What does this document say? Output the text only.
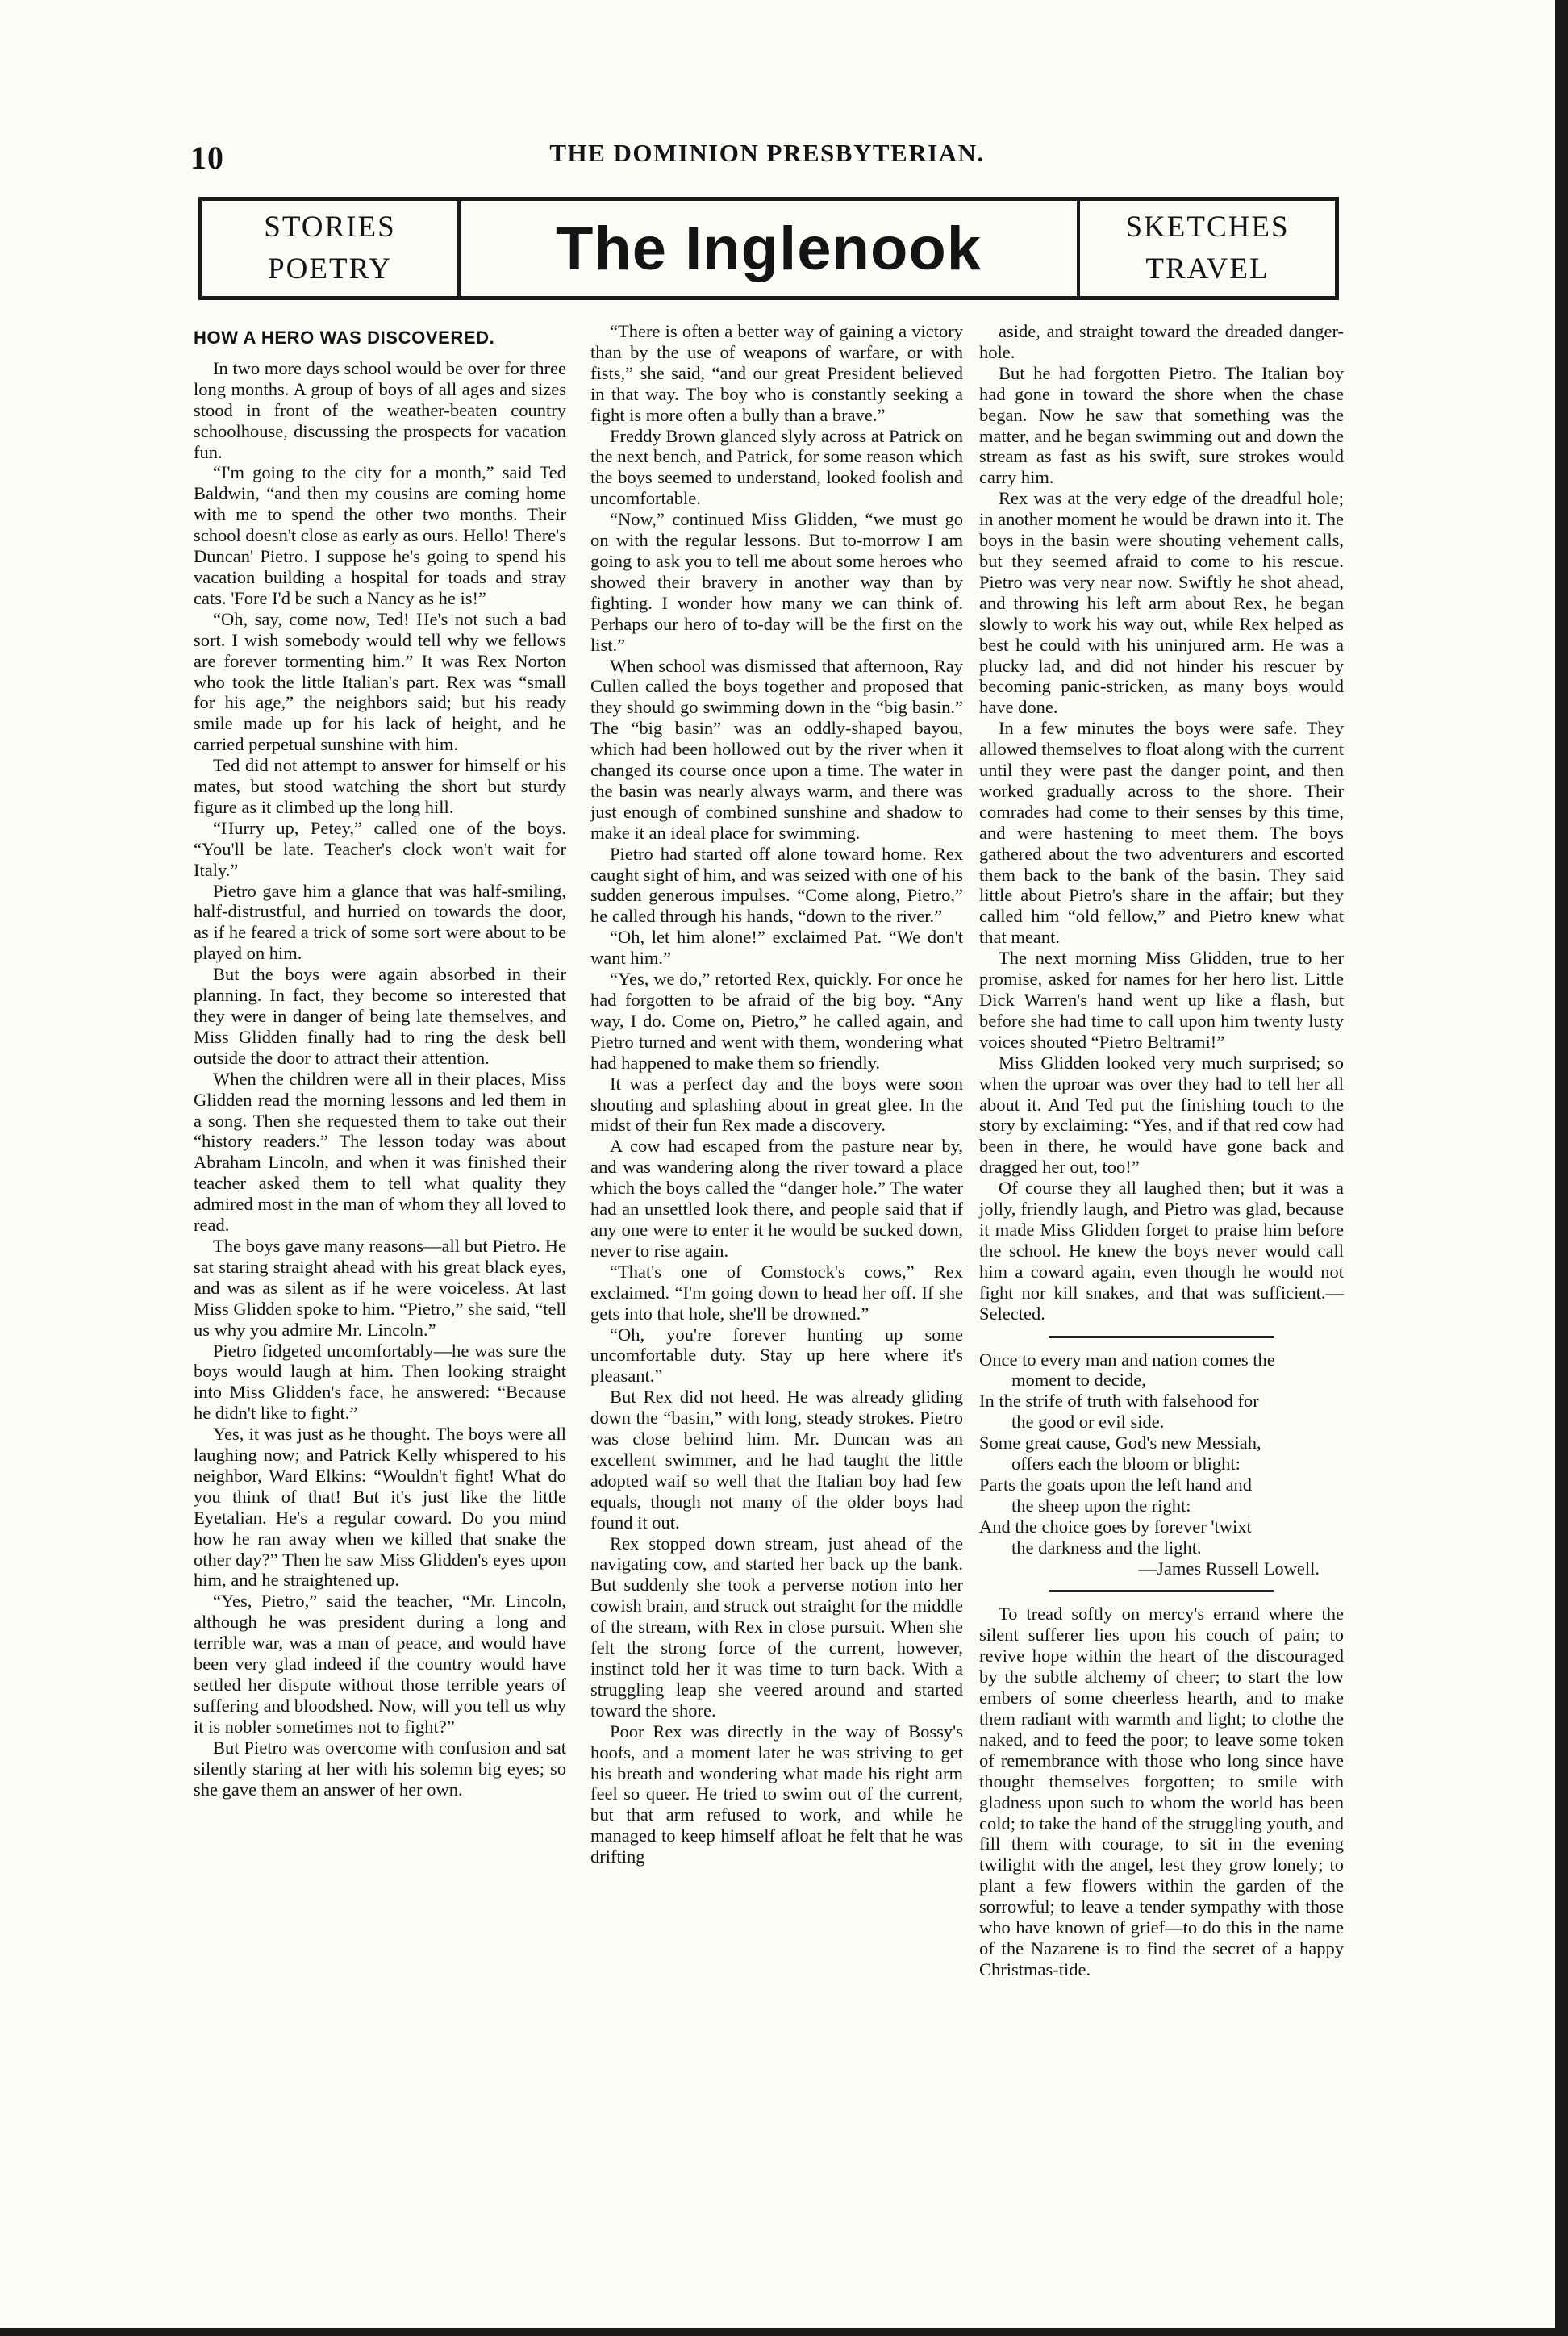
10	THE DOMINION PRESBYTERIAN.
STORIES
POETRY	The Inglenook	SKETCHES
TRAVEL
HOW A HERO WAS DISCOVERED.

In two more days school would be over for three long months. A group of boys of all ages and sizes stood in front of the weather-beaten country schoolhouse, discussing the prospects for vacation fun.

“I'm going to the city for a month,” said Ted Baldwin, “and then my cousins are coming home with me to spend the other two months. Their school doesn't close as early as ours. Hello! There's Duncan' Pietro. I suppose he's going to spend his vacation building a hospital for toads and stray cats. 'Fore I'd be such a Nancy as he is!”

“Oh, say, come now, Ted! He's not such a bad sort. I wish somebody would tell why we fellows are forever tormenting him.” It was Rex Norton who took the little Italian's part. Rex was “small for his age,” the neighbors said; but his ready smile made up for his lack of height, and he carried perpetual sunshine with him.

Ted did not attempt to answer for himself or his mates, but stood watching the short but sturdy figure as it climbed up the long hill.

“Hurry up, Petey,” called one of the boys. “You'll be late. Teacher's clock won't wait for Italy.”

Pietro gave him a glance that was half-smiling, half-distrustful, and hurried on towards the door, as if he feared a trick of some sort were about to be played on him.

But the boys were again absorbed in their planning. In fact, they become so interested that they were in danger of being late themselves, and Miss Glidden finally had to ring the desk bell outside the door to attract their attention.

When the children were all in their places, Miss Glidden read the morning lessons and led them in a song. Then she requested them to take out their “history readers.” The lesson today was about Abraham Lincoln, and when it was finished their teacher asked them to tell what quality they admired most in the man of whom they all loved to read.

The boys gave many reasons—all but Pietro. He sat staring straight ahead with his great black eyes, and was as silent as if he were voiceless. At last Miss Glidden spoke to him. “Pietro,” she said, “tell us why you admire Mr. Lincoln.”

Pietro fidgeted uncomfortably—he was sure the boys would laugh at him. Then looking straight into Miss Glidden's face, he answered: “Because he didn't like to fight.”

Yes, it was just as he thought. The boys were all laughing now; and Patrick Kelly whispered to his neighbor, Ward Elkins: “Wouldn't fight! What do you think of that! But it's just like the little Eyetalian. He's a regular coward. Do you mind how he ran away when we killed that snake the other day?” Then he saw Miss Glidden's eyes upon him, and he straightened up.

“Yes, Pietro,” said the teacher, “Mr. Lincoln, although he was president during a long and terrible war, was a man of peace, and would have been very glad indeed if the country would have settled her dispute without those terrible years of suffering and bloodshed. Now, will you tell us why it is nobler sometimes not to fight?”

But Pietro was overcome with confusion and sat silently staring at her with his solemn big eyes; so she gave them an answer of her own.

“There is often a better way of gaining a victory than by the use of weapons of warfare, or with fists,” she said, “and our great President believed in that way. The boy who is constantly seeking a fight is more often a bully than a brave.”

Freddy Brown glanced slyly across at Patrick on the next bench, and Patrick, for some reason which the boys seemed to understand, looked foolish and uncomfortable.

“Now,” continued Miss Glidden, “we must go on with the regular lessons. But to-morrow I am going to ask you to tell me about some heroes who showed their bravery in another way than by fighting. I wonder how many we can think of. Perhaps our hero of to-day will be the first on the list.”

When school was dismissed that afternoon, Ray Cullen called the boys together and proposed that they should go swimming down in the “big basin.” The “big basin” was an oddly-shaped bayou, which had been hollowed out by the river when it changed its course once upon a time. The water in the basin was nearly always warm, and there was just enough of combined sunshine and shadow to make it an ideal place for swimming.

Pietro had started off alone toward home. Rex caught sight of him, and was seized with one of his sudden generous impulses. “Come along, Pietro,” he called through his hands, “down to the river.”

“Oh, let him alone!” exclaimed Pat. “We don't want him.”

“Yes, we do,” retorted Rex, quickly. For once he had forgotten to be afraid of the big boy. “Any way, I do. Come on, Pietro,” he called again, and Pietro turned and went with them, wondering what had happened to make them so friendly.

It was a perfect day and the boys were soon shouting and splashing about in great glee. In the midst of their fun Rex made a discovery.

A cow had escaped from the pasture near by, and was wandering along the river toward a place which the boys called the “danger hole.” The water had an unsettled look there, and people said that if any one were to enter it he would be sucked down, never to rise again.

“That's one of Comstock's cows,” Rex exclaimed. “I'm going down to head her off. If she gets into that hole, she'll be drowned.”

“Oh, you're forever hunting up some uncomfortable duty. Stay up here where it's pleasant.”

But Rex did not heed. He was already gliding down the “basin,” with long, steady strokes. Pietro was close behind him. Mr. Duncan was an excellent swimmer, and he had taught the little adopted waif so well that the Italian boy had few equals, though not many of the older boys had found it out.

Rex stopped down stream, just ahead of the navigating cow, and started her back up the bank. But suddenly she took a perverse notion into her cowish brain, and struck out straight for the middle of the stream, with Rex in close pursuit. When she felt the strong force of the current, however, instinct told her it was time to turn back. With a struggling leap she veered around and started toward the shore.

Poor Rex was directly in the way of Bossy's hoofs, and a moment later he was striving to get his breath and wondering what made his right arm feel so queer. He tried to swim out of the current, but that arm refused to work, and while he managed to keep himself afloat he felt that he was drifting

aside, and straight toward the dreaded danger-hole.

But he had forgotten Pietro. The Italian boy had gone in toward the shore when the chase began. Now he saw that something was the matter, and he began swimming out and down the stream as fast as his swift, sure strokes would carry him.

Rex was at the very edge of the dreadful hole; in another moment he would be drawn into it. The boys in the basin were shouting vehement calls, but they seemed afraid to come to his rescue. Pietro was very near now. Swiftly he shot ahead, and throwing his left arm about Rex, he began slowly to work his way out, while Rex helped as best he could with his uninjured arm. He was a plucky lad, and did not hinder his rescuer by becoming panic-stricken, as many boys would have done.

In a few minutes the boys were safe. They allowed themselves to float along with the current until they were past the danger point, and then worked gradually across to the shore. Their comrades had come to their senses by this time, and were hastening to meet them. The boys gathered about the two adventurers and escorted them back to the bank of the basin. They said little about Pietro's share in the affair; but they called him “old fellow,” and Pietro knew what that meant.

The next morning Miss Glidden, true to her promise, asked for names for her hero list. Little Dick Warren's hand went up like a flash, but before she had time to call upon him twenty lusty voices shouted “Pietro Beltrami!”

Miss Glidden looked very much surprised; so when the uproar was over they had to tell her all about it. And Ted put the finishing touch to the story by exclaiming: “Yes, and if that red cow had been in there, he would have gone back and dragged her out, too!”

Of course they all laughed then; but it was a jolly, friendly laugh, and Pietro was glad, because it made Miss Glidden forget to praise him before the school. He knew the boys never would call him a coward again, even though he would not fight nor kill snakes, and that was sufficient.—Selected.

Once to every man and nation comes the

moment to decide,

In the strife of truth with falsehood for

the good or evil side.

Some great cause, God's new Messiah,

offers each the bloom or blight:

Parts the goats upon the left hand and

the sheep upon the right:

And the choice goes by forever 'twixt

the darkness and the light.

—James Russell Lowell.

To tread softly on mercy's errand where the silent sufferer lies upon his couch of pain; to revive hope within the heart of the discouraged by the subtle alchemy of cheer; to start the low embers of some cheerless hearth, and to make them radiant with warmth and light; to clothe the naked, and to feed the poor; to leave some token of remembrance with those who long since have thought themselves forgotten; to smile with gladness upon such to whom the world has been cold; to take the hand of the struggling youth, and fill them with courage, to sit in the evening twilight with the angel, lest they grow lonely; to plant a few flowers within the garden of the sorrowful; to leave a tender sympathy with those who have known of grief—to do this in the name of the Nazarene is to find the secret of a happy Christmas-tide.
